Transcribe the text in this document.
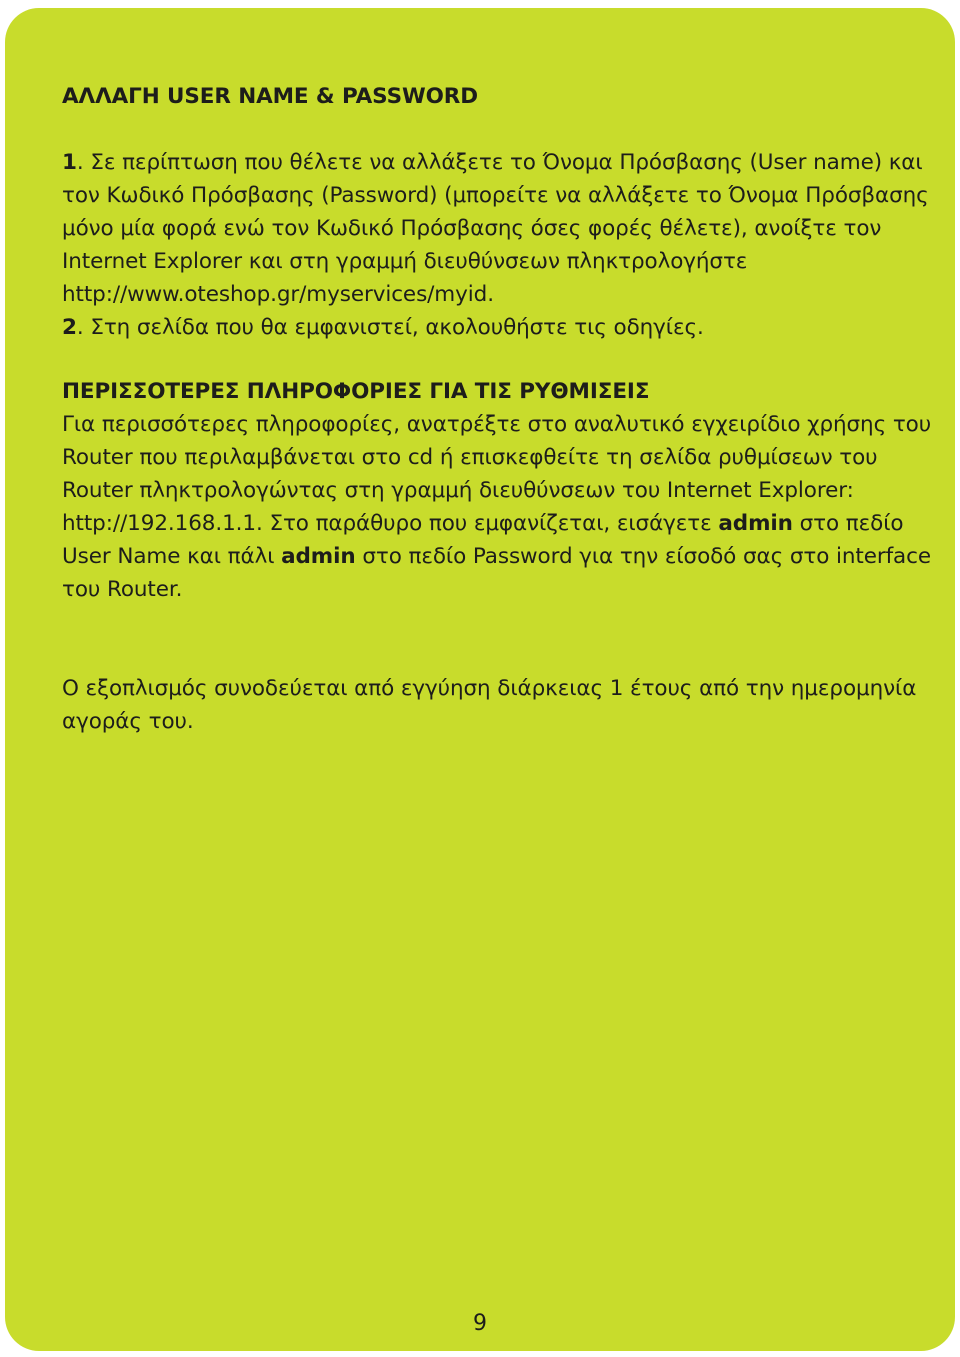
ΑΛΛΑΓΗ USER NAME & PASSWORD

1. Σε περίπτωση που θέλετε να αλλάξετε το Όνομα Πρόσβασης (User name) και τον Κωδικό Πρόσβασης (Password) (μπορείτε να αλλάξετε το Όνομα Πρόσβασης μόνο μία φορά ενώ τον Κωδικό Πρόσβασης όσες φορές θέλετε), ανοίξτε τον Internet Explorer και στη γραμμή διευθύνσεων πληκτρολογήστε http://www.oteshop.gr/myservices/myid.

2. Στη σελίδα που θα εμφανιστεί, ακολουθήστε τις οδηγίες.

ΠΕΡΙΣΣΟΤΕΡΕΣ ΠΛΗΡΟΦΟΡΙΕΣ ΓΙΑ ΤΙΣ ΡΥΘΜΙΣΕΙΣ

Για περισσότερες πληροφορίες, ανατρέξτε στο αναλυτικό εγχειρίδιο χρήσης του Router που περιλαμβάνεται στο cd ή επισκεφθείτε τη σελίδα ρυθμίσεων του Router πληκτρολογώντας στη γραμμή διευθύνσεων του Internet Explorer: http://192.168.1.1. Στο παράθυρο που εμφανίζεται, εισάγετε admin στο πεδίο User Name και πάλι admin στο πεδίο Password για την είσοδό σας στο interface του Router.

Ο εξοπλισμός συνοδεύεται από εγγύηση διάρκειας 1 έτους από την ημερομηνία αγοράς του.

9
